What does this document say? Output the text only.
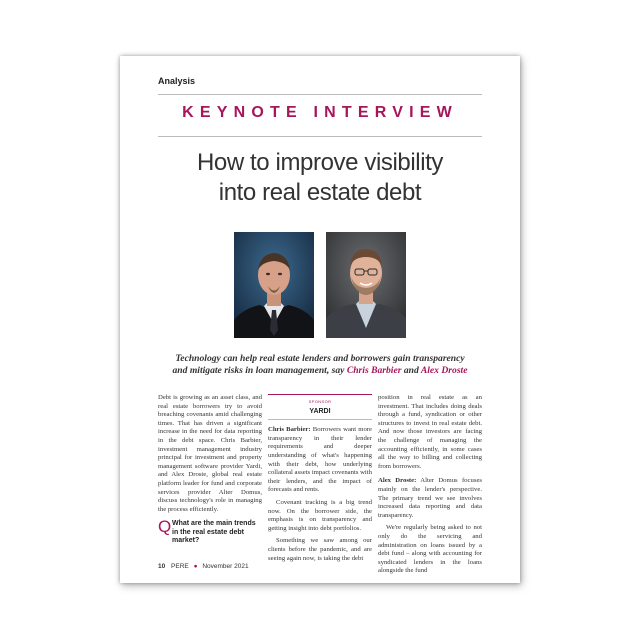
Analysis
KEYNOTE INTERVIEW
How to improve visibility
into real estate debt
Technology can help real estate lenders and borrowers gain transparency
and mitigate risks in loan management, say Chris Barbier and Alex Droste

Debt is growing as an asset class, and real estate borrowers try to avoid breaching covenants amid challenging times. That has driven a significant increase in the need for data reporting in the debt space. Chris Barbier, investment management industry principal for investment and property management software provider Yardi, and Alex Droste, global real estate platform leader for fund and corporate services provider Alter Domus, discuss technology's role in managing the process efficiently.

Q What are the main trends in the real estate debt market?
SPONSOR
YARDI

Chris Barbier: Borrowers want more transparency in their lender requirements and deeper understanding of what's happening with their debt, how underlying collateral assets impact covenants with their lenders, and the impact of forecasts and rents.

Covenant tracking is a big trend now. On the borrower side, the emphasis is on transparency and getting insight into debt portfolios.

Something we saw among our clients before the pandemic, and are seeing again now, is taking the debt

position in real estate as an investment. That includes doing deals through a fund, syndication or other structures to invest in real estate debt. And now those investors are facing the challenge of managing the accounting efficiently, in some cases all the way to billing and collecting from borrowers.

Alex Droste: Alter Domus focuses mainly on the lender's perspective. The primary trend we see involves increased data reporting and data transparency.

We're regularly being asked to not only do the servicing and administration on loans issued by a debt fund – along with accounting for syndicated lenders in the loans alongside the fund

10 PERE ● November 2021
